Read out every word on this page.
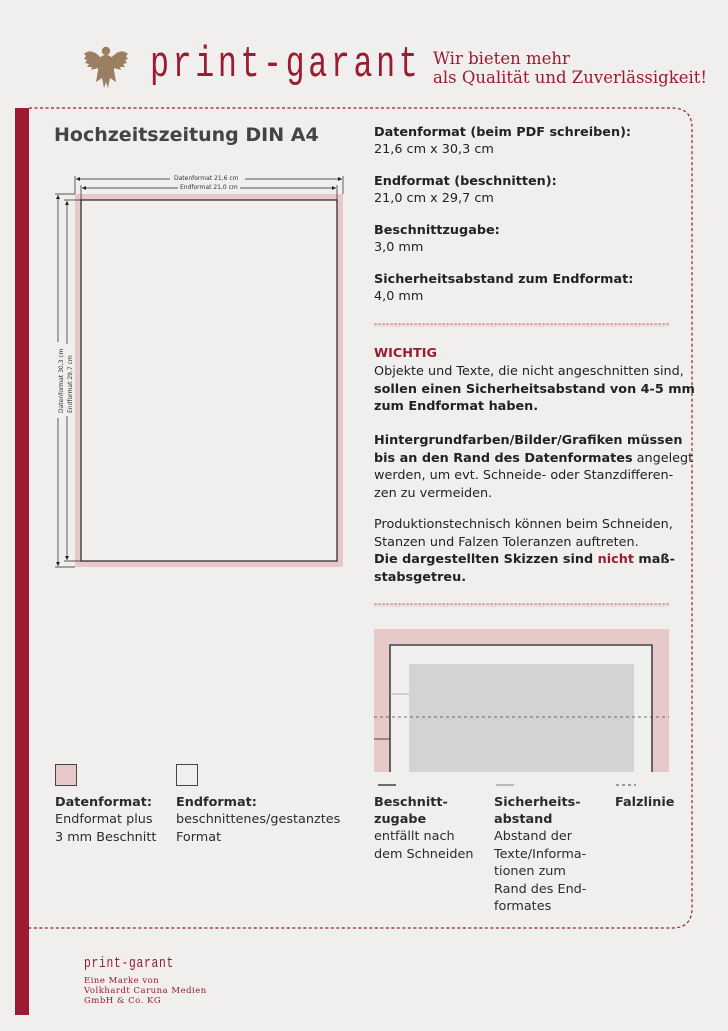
print-garant Wir bieten mehr
als Qualität und Zuverlässigkeit!
Hochzeitszeitung DIN A4
Datenformat 21,6 cm
Endformat 21,0 cm
Datenformat 30,3 cm Endformat 29,7 cm
Datenformat (beim PDF schreiben):
21,6 cm x 30,3 cm
Endformat (beschnitten):
21,0 cm x 29,7 cm
Beschnittzugabe:
3,0 mm
Sicherheitsabstand zum Endformat:
4,0 mm
WICHTIG
Objekte und Texte, die nicht angeschnitten sind,
sollen einen Sicherheitsabstand von 4-5 mm
zum Endformat haben.
Hintergrundfarben/Bilder/Grafiken müssen
bis an den Rand des Datenformates angelegt
werden, um evt. Schneide- oder Stanzdifferen-
zen zu vermeiden.
Produktionstechnisch können beim Schneiden,
Stanzen und Falzen Toleranzen auftreten.
Die dargestellten Skizzen sind nicht maß-
stabsgetreu.
Datenformat:
Endformat plus
3 mm Beschnitt
Endformat:
beschnittenes/gestanztes
Format
Beschnitt-
zugabe
entfällt nach
dem Schneiden
Sicherheits-
abstand
Abstand der
Texte/Informa-
tionen zum
Rand des End-
formates
Falzlinie
print-garant
Eine Marke von
Volkhardt Caruna Medien
GmbH & Co. KG
